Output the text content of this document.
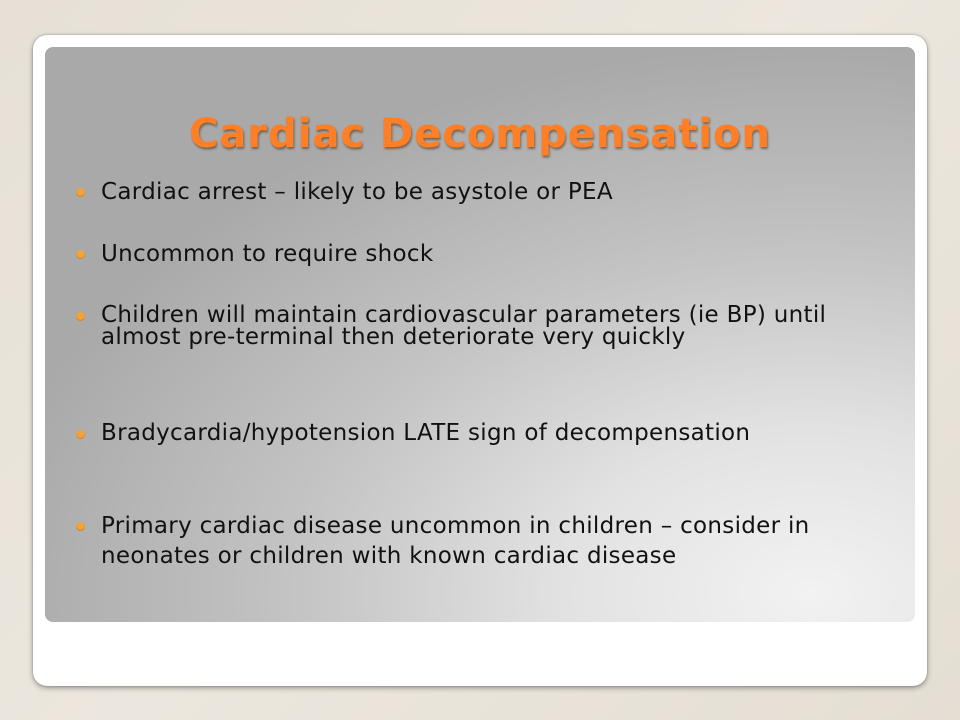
Cardiac Decompensation
Cardiac arrest – likely to be asystole or PEA
Uncommon to require shock
Children will maintain cardiovascular parameters (ie BP) until almost pre-terminal then deteriorate very quickly
Bradycardia/hypotension LATE sign of decompensation
Primary cardiac disease uncommon in children – consider in neonates or children with known cardiac disease
